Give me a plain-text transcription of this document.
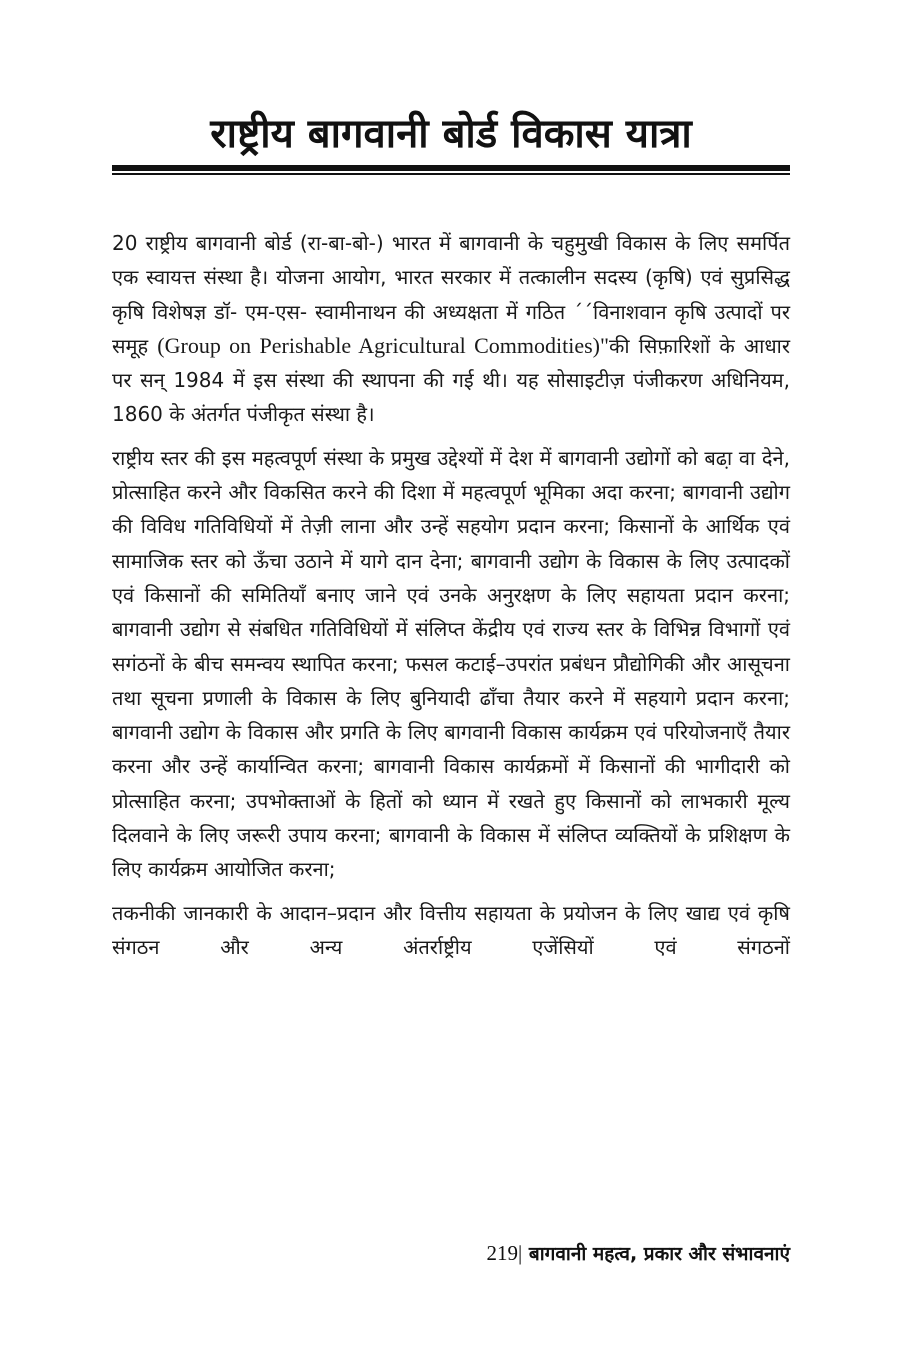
राष्ट्रीय बागवानी बोर्ड विकास यात्रा

20 राष्ट्रीय बागवानी बोर्ड (रा-बा-बो-) भारत में बागवानी के चहुमुखी विकास के लिए समर्पित एक स्वायत्त संस्था है। योजना आयोग, भारत सरकार में तत्कालीन सदस्य (कृषि) एवं सुप्रसिद्ध कृषि विशेषज्ञ डॉ- एम-एस- स्वामीनाथन की अध्यक्षता में गठित ´´विनाशवान कृषि उत्पादों पर समूह (Group on Perishable Agricultural Commodities)"की सिफ़ारिशों के आधार पर सन् 1984 में इस संस्था की स्थापना की गई थी। यह सोसाइटीज़ पंजीकरण अधिनियम, 1860 के अंतर्गत पंजीकृत संस्था है।

राष्ट्रीय स्तर की इस महत्वपूर्ण संस्था के प्रमुख उद्देश्यों में देश में बागवानी उद्योगों को बढा़ वा देने, प्रोत्साहित करने और विकसित करने की दिशा में महत्वपूर्ण भूमिका अदा करना; बागवानी उद्योग की विविध गतिविधियों में तेज़ी लाना और उन्हें सहयोग प्रदान करना; किसानों के आर्थिक एवं सामाजिक स्तर को ऊँचा उठाने में यागे दान देना; बागवानी उद्योग के विकास के लिए उत्पादकों एवं किसानों की समितियाँ बनाए जाने एवं उनके अनुरक्षण के लिए सहायता प्रदान करना; बागवानी उद्योग से संबधित गतिविधियों में संलिप्त केंद्रीय एवं राज्य स्तर के विभिन्न विभागों एवं सगंठनों के बीच समन्वय स्थापित करना; फसल कटाई–उपरांत प्रबंधन प्रौद्योगिकी और आसूचना तथा सूचना प्रणाली के विकास के लिए बुनियादी ढाँचा तैयार करने में सहयागे प्रदान करना; बागवानी उद्योग के विकास और प्रगति के लिए बागवानी विकास कार्यक्रम एवं परियोजनाएँ तैयार करना और उन्हें कार्यान्वित करना; बागवानी विकास कार्यक्रमों में किसानों की भागीदारी को प्रोत्साहित करना; उपभोक्ताओं के हितों को ध्यान में रखते हुए किसानों को लाभकारी मूल्य दिलवाने के लिए जरूरी उपाय करना; बागवानी के विकास में संलिप्त व्यक्तियों के प्रशिक्षण के लिए कार्यक्रम आयोजित करना;

तकनीकी जानकारी के आदान–प्रदान और वित्तीय सहायता के प्रयोजन के लिए खाद्य एवं कृषि संगठन और अन्य अंतर्राष्ट्रीय एजेंसियों एवं संगठनों

219| बागवानी महत्व, प्रकार और संभावनाएं
